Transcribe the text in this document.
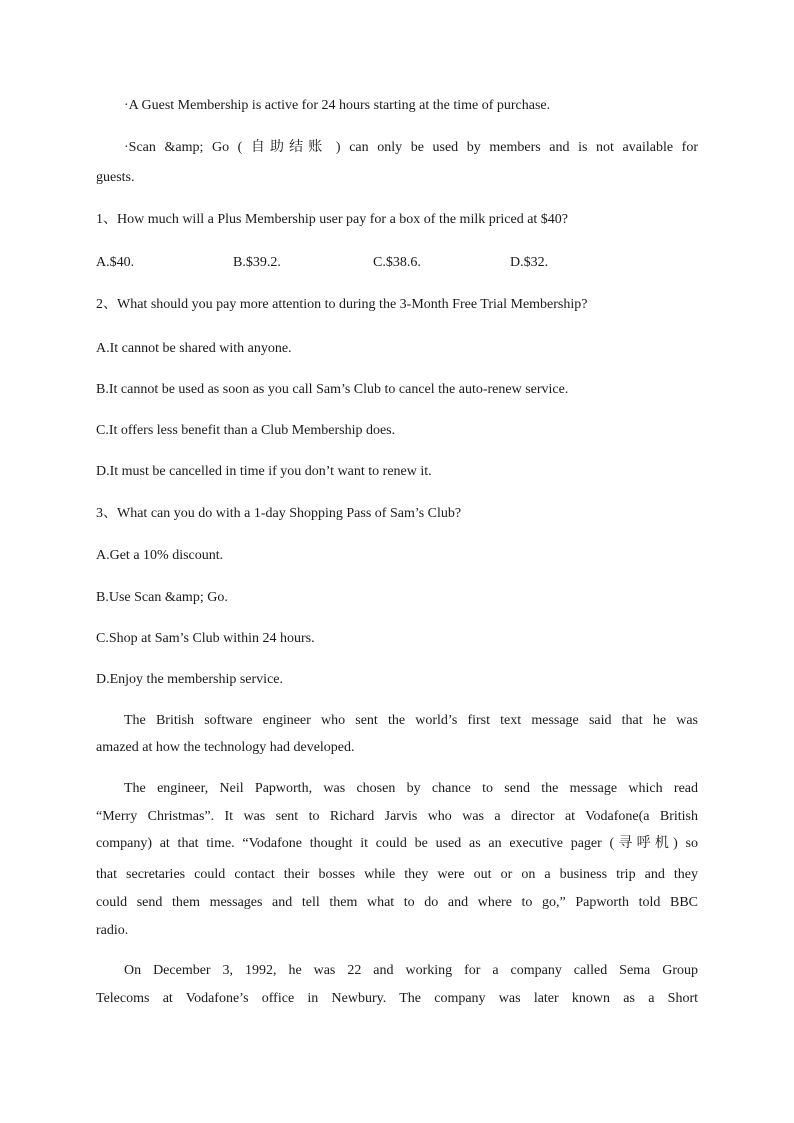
·A Guest Membership is active for 24 hours starting at the time of purchase.
·Scan &amp; Go ( 自助结账 ) can only be used by members and is not available for
guests.
1、How much will a Plus Membership user pay for a box of the milk priced at $40?
A.$40.	B.$39.2.	C.$38.6.	D.$32.
2、What should you pay more attention to during the 3-Month Free Trial Membership?
A.It cannot be shared with anyone.
B.It cannot be used as soon as you call Sam’s Club to cancel the auto-renew service.
C.It offers less benefit than a Club Membership does.
D.It must be cancelled in time if you don’t want to renew it.
3、What can you do with a 1-day Shopping Pass of Sam’s Club?
A.Get a 10% discount.
B.Use Scan &amp; Go.
C.Shop at Sam’s Club within 24 hours.
D.Enjoy the membership service.
The British software engineer who sent the world’s first text message said that he was
amazed at how the technology had developed.
The engineer, Neil Papworth, was chosen by chance to send the message which read
“Merry Christmas”. It was sent to Richard Jarvis who was a director at Vodafone(a British
company) at that time. “Vodafone thought it could be used as an executive pager (寻呼机) so
that secretaries could contact their bosses while they were out or on a business trip and they
could send them messages and tell them what to do and where to go,” Papworth told BBC
radio.
On December 3, 1992, he was 22 and working for a company called Sema Group
Telecoms at Vodafone’s office in Newbury. The company was later known as a Short
